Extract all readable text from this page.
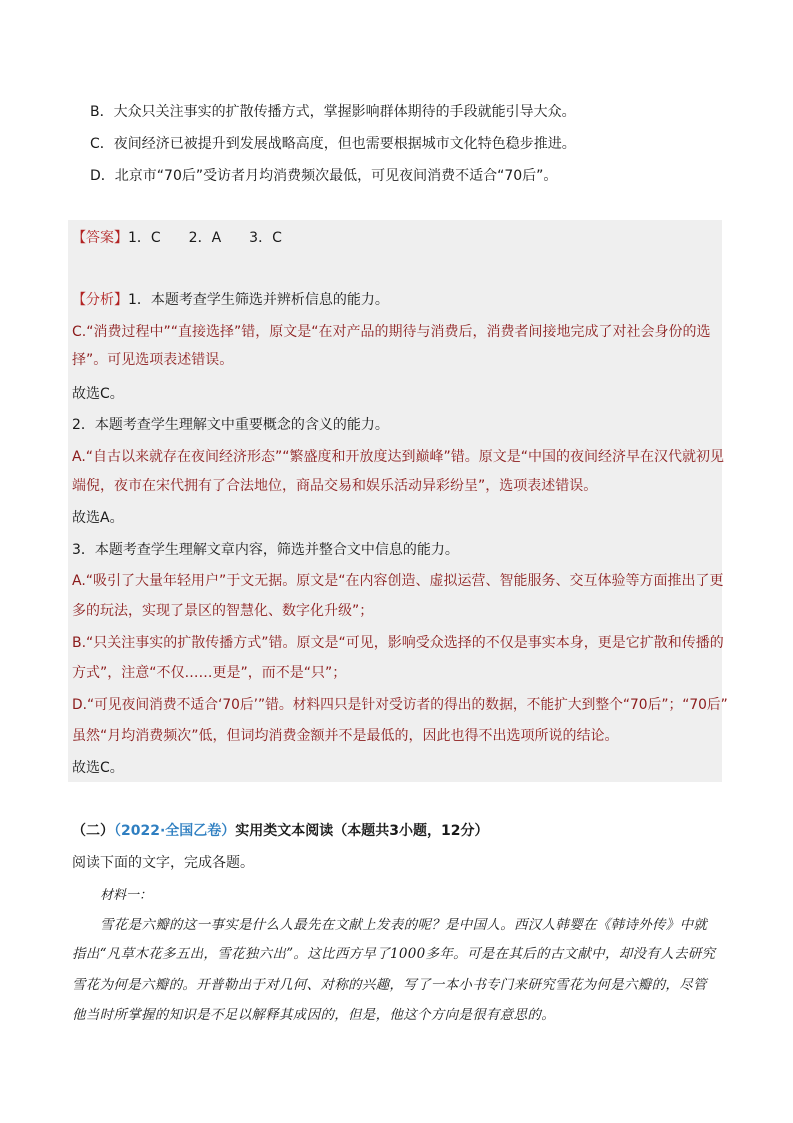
B．大众只关注事实的扩散传播方式，掌握影响群体期待的手段就能引导大众。
C．夜间经济已被提升到发展战略高度，但也需要根据城市文化特色稳步推进。
D．北京市“70后”受访者月均消费频次最低，可见夜间消费不适合“70后”。
【答案】1．C　　2．A　　3．C
【分析】1．本题考查学生筛选并辨析信息的能力。
C.“消费过程中”“直接选择”错，原文是“在对产品的期待与消费后，消费者间接地完成了对社会身份的选
择”。可见选项表述错误。
故选C。
2．本题考查学生理解文中重要概念的含义的能力。
A.“自古以来就存在夜间经济形态”“繁盛度和开放度达到巅峰”错。原文是“中国的夜间经济早在汉代就初见
端倪，夜市在宋代拥有了合法地位，商品交易和娱乐活动异彩纷呈”，选项表述错误。
故选A。
3．本题考查学生理解文章内容，筛选并整合文中信息的能力。
A.“吸引了大量年轻用户”于文无据。原文是“在内容创造、虚拟运营、智能服务、交互体验等方面推出了更
多的玩法，实现了景区的智慧化、数字化升级”；
B.“只关注事实的扩散传播方式”错。原文是“可见，影响受众选择的不仅是事实本身，更是它扩散和传播的
方式”，注意“不仅……更是”，而不是“只”；
D.“可见夜间消费不适合‘70后’”错。材料四只是针对受访者的得出的数据，不能扩大到整个“70后”；“70后”
虽然“月均消费频次”低，但词均消费金额并不是最低的，因此也得不出选项所说的结论。
故选C。
（二）（2022·全国乙卷）实用类文本阅读（本题共3小题，12分）
阅读下面的文字，完成各题。
材料一：
雪花是六瓣的这一事实是什么人最先在文献上发表的呢？是中国人。西汉人韩婴在《韩诗外传》中就
指出“凡草木花多五出，雪花独六出”。这比西方早了1000多年。可是在其后的古文献中，却没有人去研究
雪花为何是六瓣的。开普勒出于对几何、对称的兴趣，写了一本小书专门来研究雪花为何是六瓣的，尽管
他当时所掌握的知识是不足以解释其成因的，但是，他这个方向是很有意思的。
